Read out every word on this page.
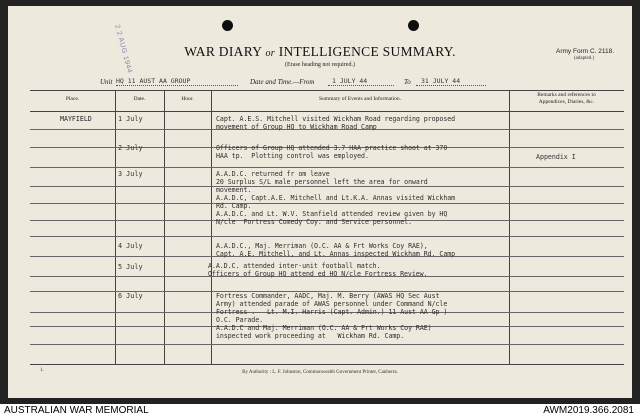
2 2 AUG 1944	WAR DIARY or INTELLIGENCE SUMMARY.
(Erase heading not required.)
Army Form C. 2118.
(adapted.)
Unit HQ 11 AUST AA GROUP	Date and Time.—From	1 JULY 44	To 31 JULY 44
Place.	Date.	Hour.	Summary of Events and Information.
Remarks and references to
Appendices, Diaries, &c.
MAYFIELD	1 July	Capt. A.E.S. Mitchell visited Wickham Road regarding proposed
movement of Group HQ to Wickham Road Camp
2 July	Officers of Group HQ attended 3.7 HAA practice shoot at 370
HAA tp.  Plotting control was employed.	Appendix I
3 July	A.A.D.C. returned fr om leave
20 Surplus S/L male personnel left the area for onward
movement.
A.A.D.C, Capt.A.E. Mitchell and Lt.K.A. Annas visited Wickham
Rd. Camp.
A.A.D.C. and Lt. W.V. Stanfield attended review given by HQ
N/cle  Fortress Comedy Coy. and Service personnel.
4 July	A.A.D.C., Maj. Merriman (O.C. AA & Frt Works Coy RAE),
Capt. A.E. Mitchell, and Lt. Annas inspected Wickham Rd. Camp
5 July	A.A.D.C. attended inter-unit football match.
Officers of Group HQ attend ed HQ N/cle Fortress Review.
6 July	Fortress Commander, AADC, Maj. M. Berry (AWAS HQ Sec Aust
Army) attended parade of AWAS personnel under Command N/cle
Fortress .   Lt. M.I. Harris (Capt. Admin.) 11 Aust AA Gp )
O.C. Parade.
A.A.D.C and Maj. Merriman (O.C. AA & Frt Works Coy RAE)
inspected work proceeding at   Wickham Rd. Camp.
1.	By Authority : L. F. Johnston, Commonwealth Government Printer, Canberra.
AUSTRALIAN WAR MEMORIAL	AWM2019.366.2081
